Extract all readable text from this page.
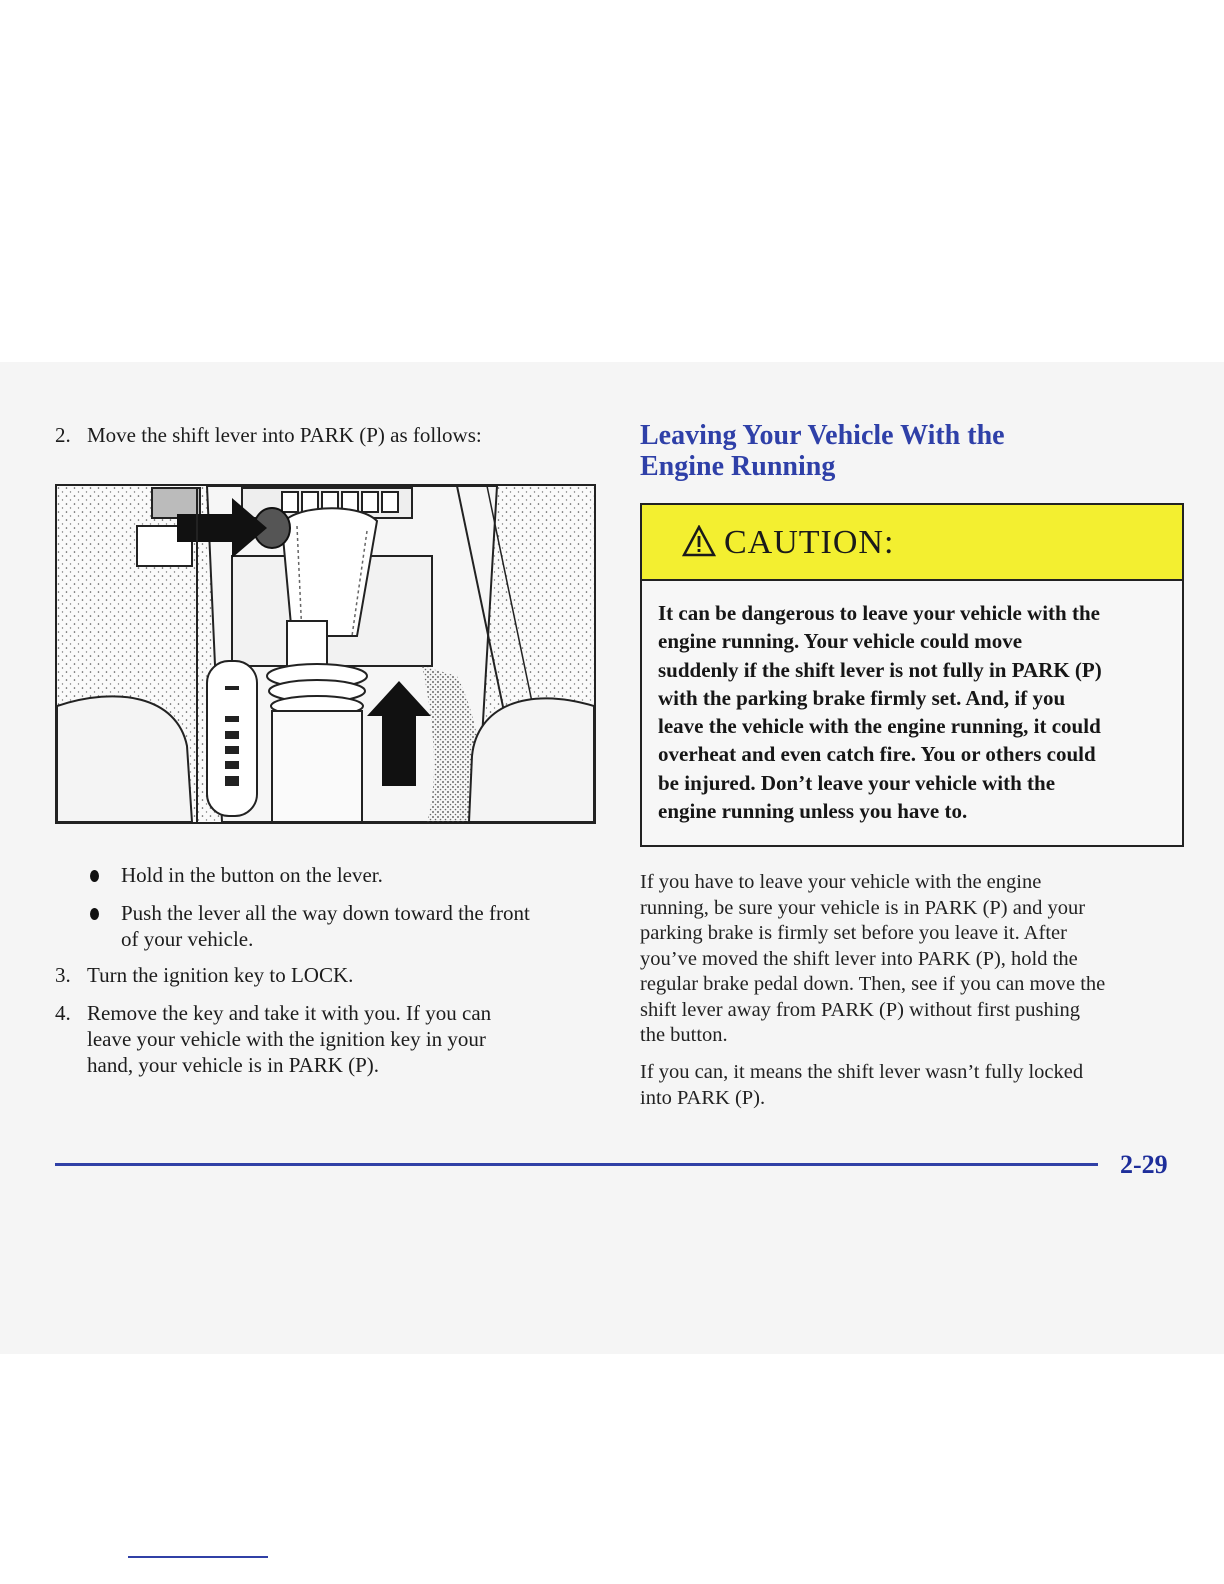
2. Move the shift lever into PARK (P) as follows:
Hold in the button on the lever.
Push the lever all the way down toward the front
of your vehicle.
3. Turn the ignition key to LOCK.
4. Remove the key and take it with you. If you can
leave your vehicle with the ignition key in your
hand, your vehicle is in PARK (P).
Leaving Your Vehicle With the
Engine Running
CAUTION:
It can be dangerous to leave your vehicle with the
engine running. Your vehicle could move
suddenly if the shift lever is not fully in PARK (P)
with the parking brake firmly set. And, if you
leave the vehicle with the engine running, it could
overheat and even catch fire. You or others could
be injured. Don’t leave your vehicle with the
engine running unless you have to.
If you have to leave your vehicle with the engine
running, be sure your vehicle is in PARK (P) and your
parking brake is firmly set before you leave it. After
you’ve moved the shift lever into PARK (P), hold the
regular brake pedal down. Then, see if you can move the
shift lever away from PARK (P) without first pushing
the button.
If you can, it means the shift lever wasn’t fully locked
into PARK (P).
2-29
